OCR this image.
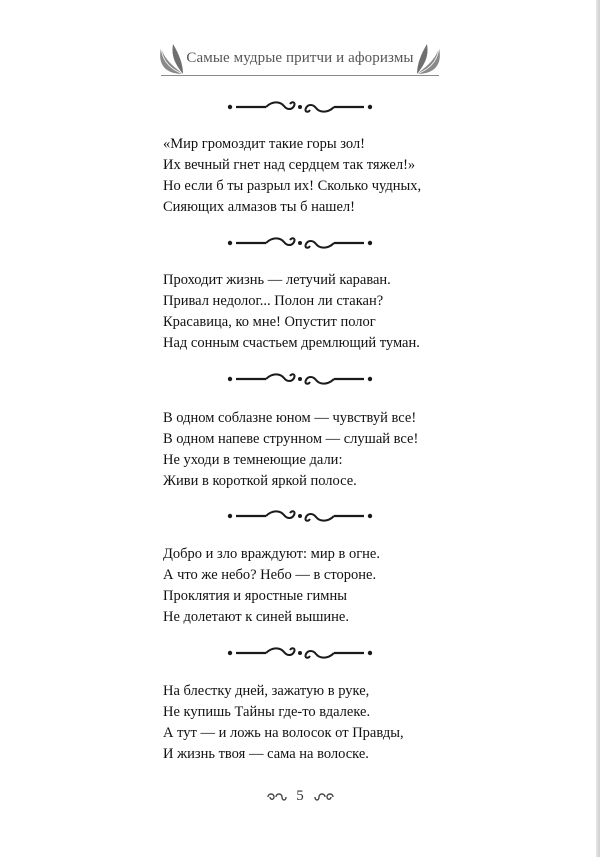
Самые мудрые притчи и афоризмы
«Мир громоздит такие горы зол!
Их вечный гнет над сердцем так тяжел!»
Но если б ты разрыл их! Сколько чудных,
Сияющих алмазов ты б нашел!
Проходит жизнь — летучий караван.
Привал недолог... Полон ли стакан?
Красавица, ко мне! Опустит полог
Над сонным счастьем дремлющий туман.
В одном соблазне юном — чувствуй все!
В одном напеве струнном — слушай все!
Не уходи в темнеющие дали:
Живи в короткой яркой полосе.
Добро и зло враждуют: мир в огне.
А что же небо? Небо — в стороне.
Проклятия и яростные гимны
Не долетают к синей вышине.
На блестку дней, зажатую в руке,
Не купишь Тайны где-то вдалеке.
А тут — и ложь на волосок от Правды,
И жизнь твоя — сама на волоске.
5
